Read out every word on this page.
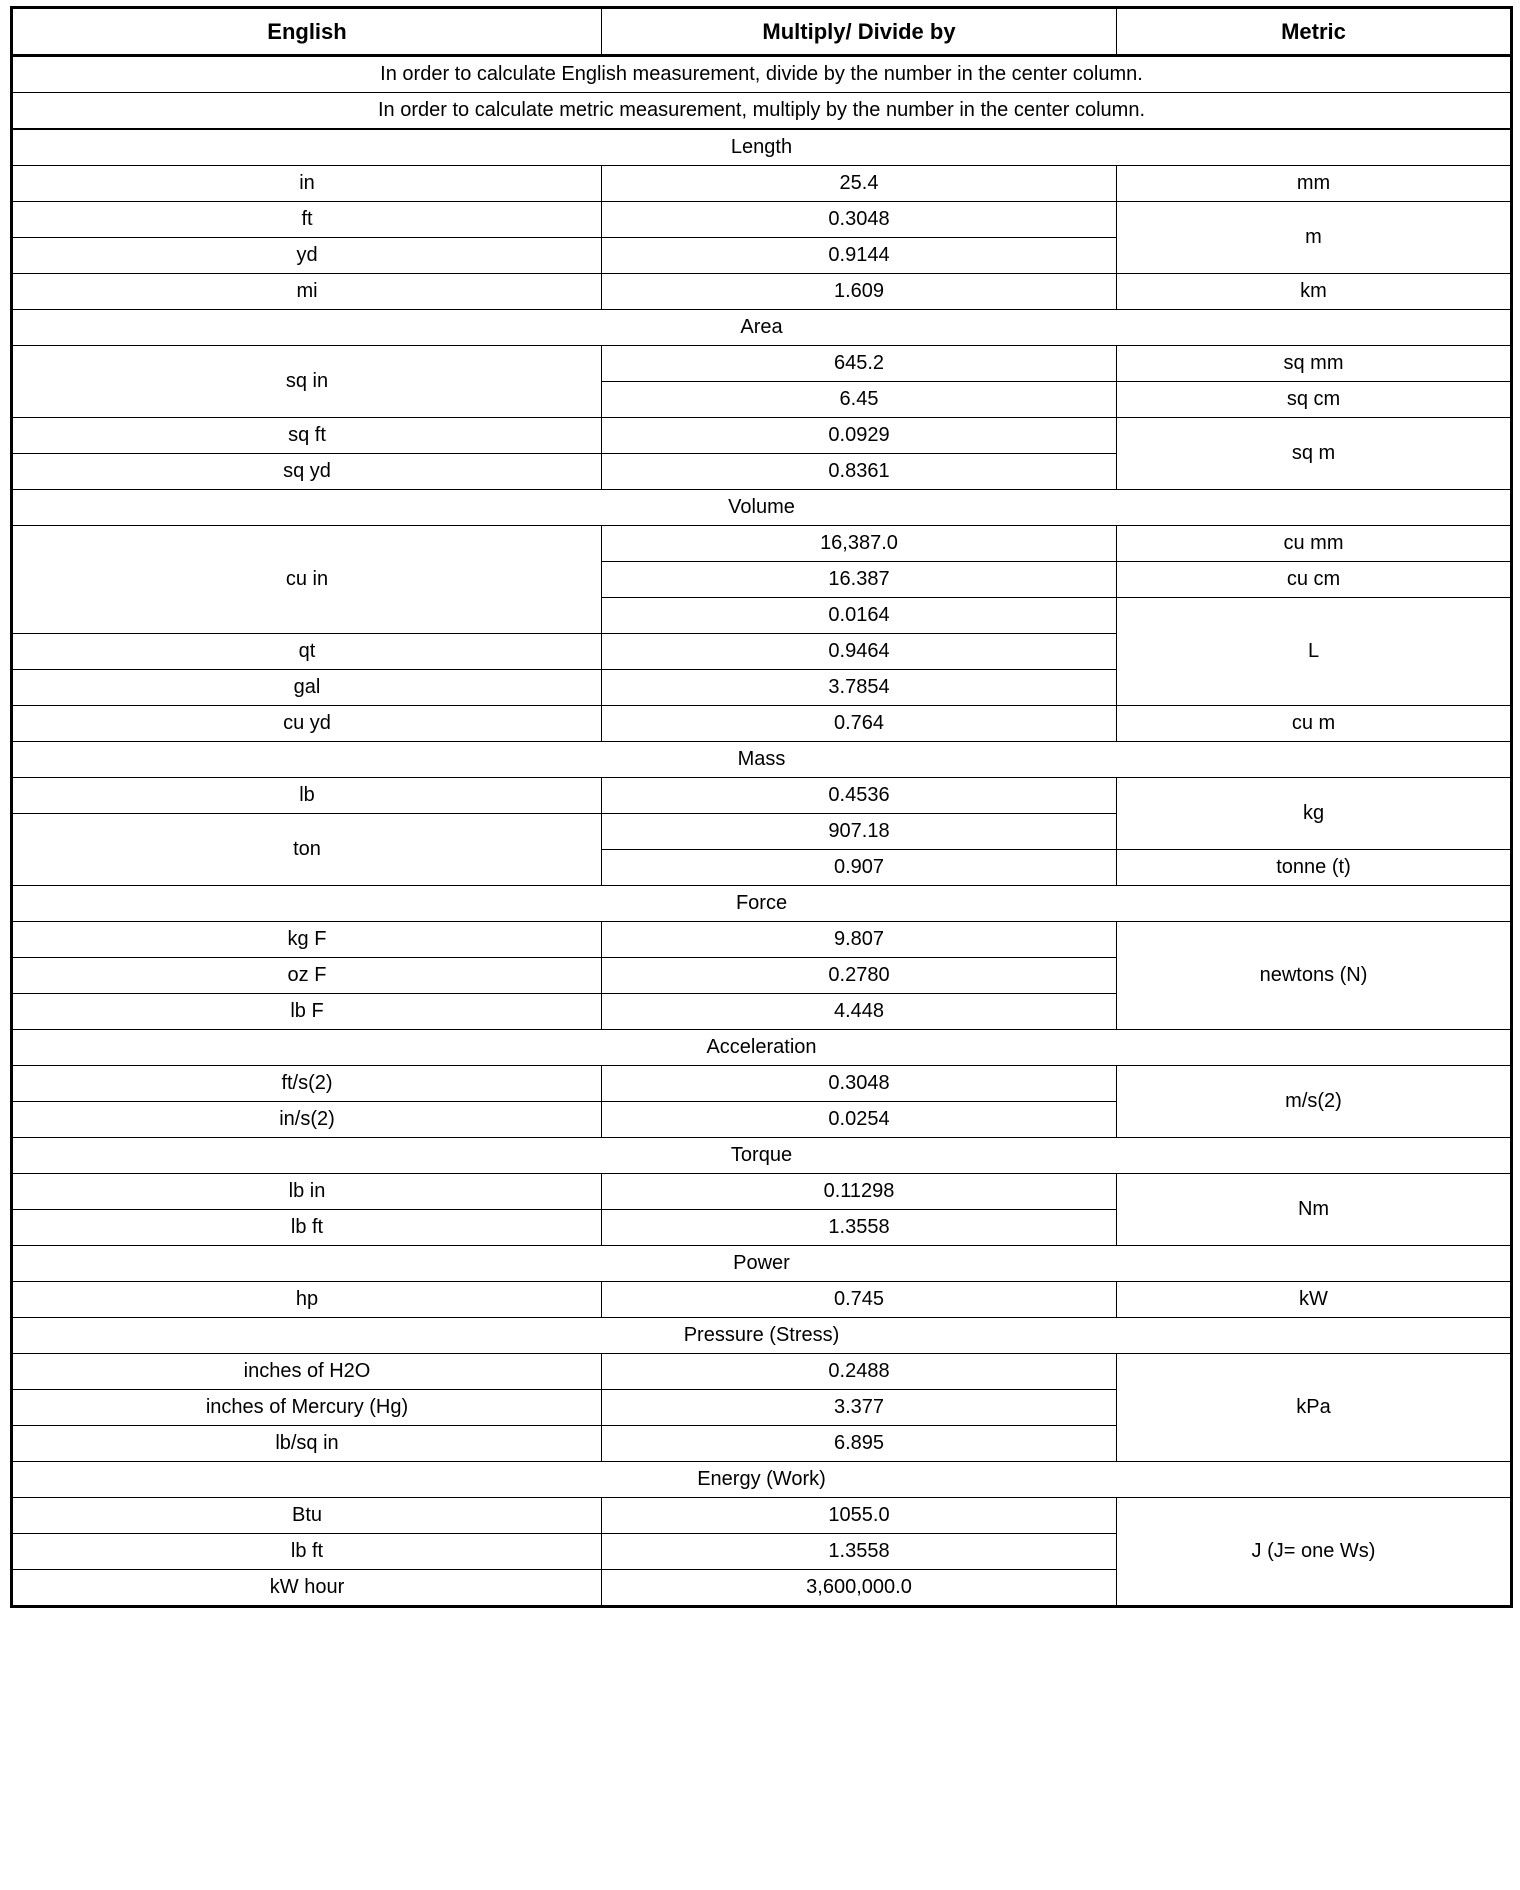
English	Multiply/ Divide by	Metric
In order to calculate English measurement, divide by the number in the center column.		
In order to calculate metric measurement, multiply by the number in the center column.		
Length		
in	25.4	mm
ft	0.3048	m
yd	0.9144	
mi	1.609	km
Area		
sq in	645.2	sq mm
	6.45	sq cm
sq ft	0.0929	sq m
sq yd	0.8361	
Volume		
cu in	16,387.0	cu mm
	16.387	cu cm
	0.0164	L
qt	0.9464	
gal	3.7854	
cu yd	0.764	cu m
Mass		
lb	0.4536	kg
ton	907.18	
	0.907	tonne (t)
Force		
kg F	9.807	newtons (N)
oz F	0.2780	
lb F	4.448	
Acceleration		
ft/s(2)	0.3048	m/s(2)
in/s(2)	0.0254	
Torque		
lb in	0.11298	Nm
lb ft	1.3558	
Power		
hp	0.745	kW
Pressure (Stress)		
inches of H2O	0.2488	kPa
inches of Mercury (Hg)	3.377	
lb/sq in	6.895	
Energy (Work)		
Btu	1055.0	J (J= one Ws)
lb ft	1.3558	
kW hour	3,600,000.0	
